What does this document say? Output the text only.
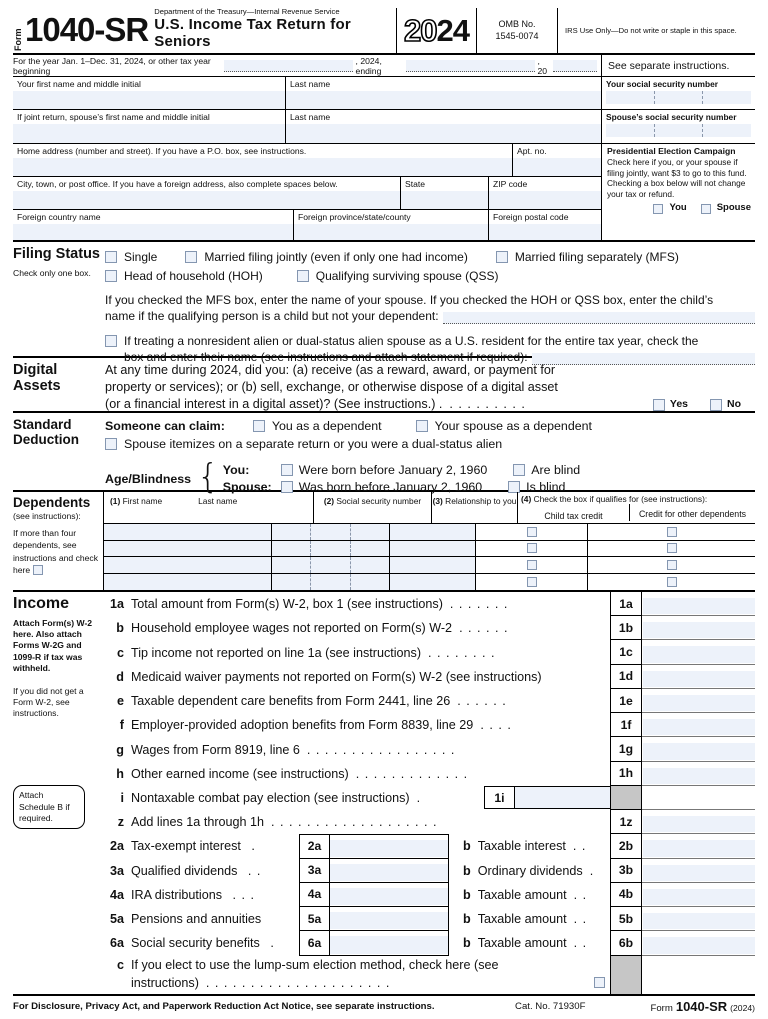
Form 1040-SR Department of the Treasury—Internal Revenue Service
U.S. Income Tax Return for Seniors	20 24	OMB No.
1545-0074	IRS Use Only—Do not write or staple in this space.
For the year Jan. 1–Dec. 31, 2024, or other tax year beginning
, 2024, ending
, 20
Your first name and middle initial	Last name
If joint return, spouse’s first name and middle initial	Last name
Home address (number and street). If you have a P.O. box, see instructions.	Apt. no.
City, town, or post office. If you have a foreign address, also complete spaces below.	State	ZIP code
Foreign country name	Foreign province/state/county	Foreign postal code
See separate instructions.
Your social security number
Spouse’s social security number
Presidential Election Campaign
Check here if you, or your spouse if filing jointly, want $3 to go to this fund. Checking a box below will not change your tax or refund.
You	Spouse
Filing Status
Check only one box.
Single	Married filing jointly (even if only one had income)	Married filing separately (MFS)
Head of household (HOH)	Qualifying surviving spouse (QSS)
If you checked the MFS box, enter the name of your spouse. If you checked the HOH or QSS box, enter the child’s
name if the qualifying person is a child but not your dependent:
If treating a nonresident alien or dual-status alien spouse as a U.S. resident for the entire tax year, check the
box and enter their name (see instructions and attach statement if required):
Digital
Assets
At any time during 2024, did you: (a) receive (as a reward, award, or payment for
property or services); or (b) sell, exchange, or otherwise dispose of a digital asset
(or a financial interest in a digital asset)? (See instructions.) . . . . . . . . . .	Yes	No
Standard
Deduction
Someone can claim:	You as a dependent	Your spouse as a dependent
Spouse itemizes on a separate return or you were a dual-status alien
Age/Blindness { You:	Were born before January 2, 1960	Are blind
Spouse: Was born before January 2, 1960	Is blind
Dependents
(see instructions):
If more than four dependents, see instructions and check here
(1) First name	Last name	(2) Social security number	(3) Relationship to you (4) Check the box if qualifies for (see instructions):
Child tax credit	Credit for other dependents
Income
Attach Form(s) W-2 here. Also attach Forms W-2G and 1099-R if tax was withheld.
If you did not get a Form W-2, see instructions.
Attach Schedule B if required.
1a Total amount from Form(s) W-2, box 1 (see instructions) . . . . . . .	1a
b Household employee wages not reported on Form(s) W-2 . . . . . .	1b
c Tip income not reported on line 1a (see instructions) . . . . . . . .	1c
d Medicaid waiver payments not reported on Form(s) W-2 (see instructions)	1d
e Taxable dependent care benefits from Form 2441, line 26 . . . . . .	1e
f Employer-provided adoption benefits from Form 8839, line 29 . . . .	1f
g Wages from Form 8919, line 6 . . . . . . . . . . . . . . . . .	1g
h Other earned income (see instructions) . . . . . . . . . . . . .	1h
i Nontaxable combat pay election (see instructions) .	1i
z Add lines 1a through 1h . . . . . . . . . . . . . . . . . . .	1z
2a Tax-exempt interest .	2a	b Taxable interest . .	2b
3a Qualified dividends . .	3a	b Ordinary dividends .	3b
4a IRA distributions . . .	4a	b Taxable amount . .	4b
5a Pensions and annuities	5a	b Taxable amount . .	5b
6a Social security benefits .	6a	b Taxable amount . .	6b
c If you elect to use the lump-sum election method, check here (see
instructions) . . . . . . . . . . . . . . . . . . . . .
For Disclosure, Privacy Act, and Paperwork Reduction Act Notice, see separate instructions.	Cat. No. 71930F	Form 1040-SR (2024)
